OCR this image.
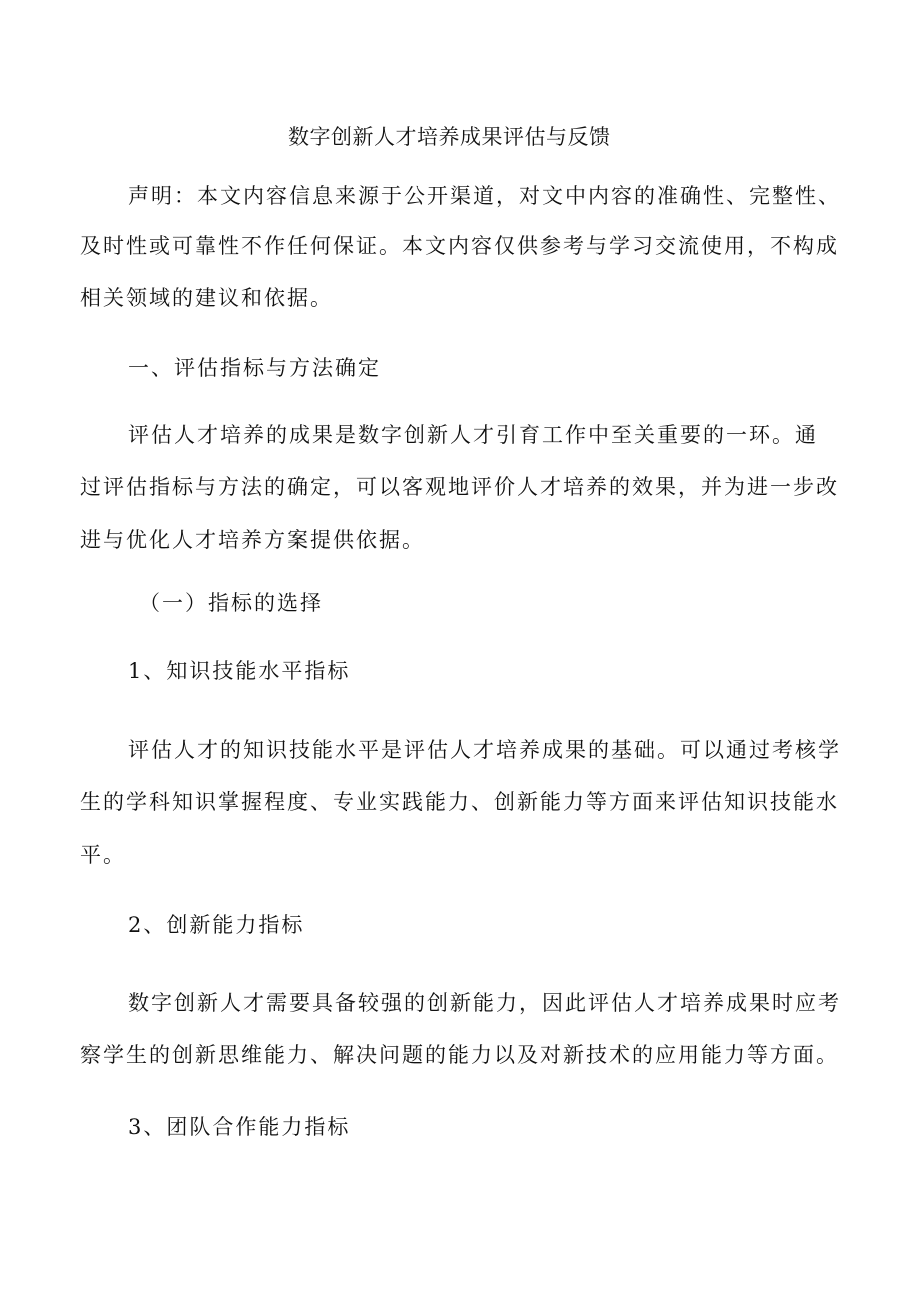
数字创新人才培养成果评估与反馈
声明：本文内容信息来源于公开渠道，对文中内容的准确性、完整性、
及时性或可靠性不作任何保证。本文内容仅供参考与学习交流使用，不构成
相关领域的建议和依据。
一、评估指标与方法确定
评估人才培养的成果是数字创新人才引育工作中至关重要的一环。通
过评估指标与方法的确定，可以客观地评价人才培养的效果，并为进一步改
进与优化人才培养方案提供依据。
（一）指标的选择
1、知识技能水平指标
评估人才的知识技能水平是评估人才培养成果的基础。可以通过考核学
生的学科知识掌握程度、专业实践能力、创新能力等方面来评估知识技能水
平。
2、创新能力指标
数字创新人才需要具备较强的创新能力，因此评估人才培养成果时应考
察学生的创新思维能力、解决问题的能力以及对新技术的应用能力等方面。
3、团队合作能力指标
